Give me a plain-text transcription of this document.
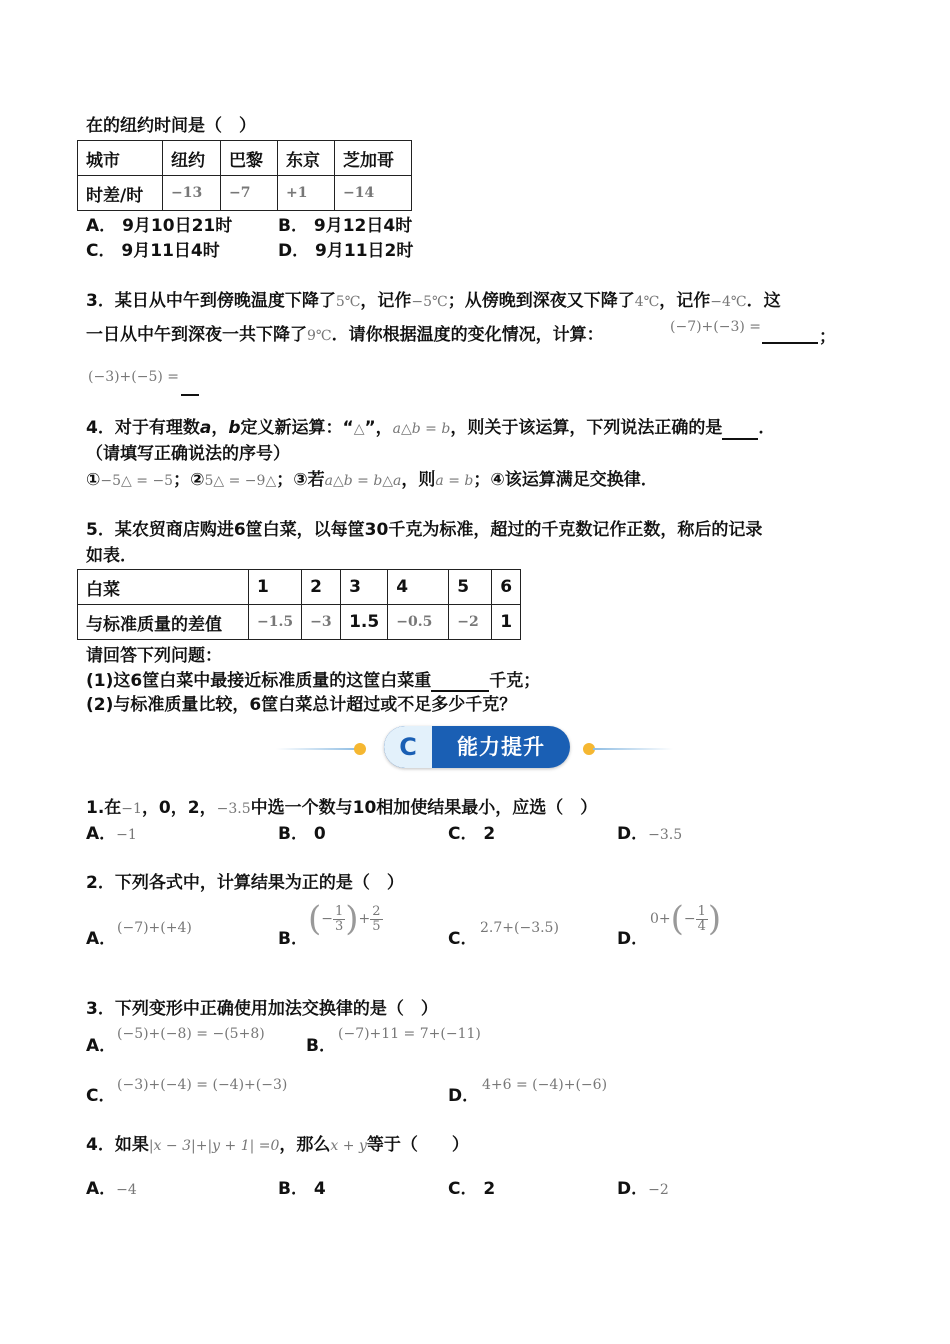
在的纽约时间是（　）
城市	纽约	巴黎	东京	芝加哥
时差/时	−13	−7	+1	−14
A． 9月10日21时	B． 9月12日4时
C． 9月11日4时	D． 9月11日2时
3．某日从中午到傍晚温度下降了5℃，记作−5℃；从傍晚到深夜又下降了4℃，记作−4℃．这
一日从中午到深夜一共下降了9℃．请你根据温度的变化情况，计算：	(−7)+(−3) =	；
(−3)+(−5) =
4．对于有理数a，b定义新运算：“△”，a△b = b，则关于该运算，下列说法正确的是 ．
（请填写正确说法的序号）
①−5△ = −5；②5△ = −9△；③若a△b = b△a，则a = b；④该运算满足交换律．
5．某农贸商店购进6筐白菜，以每筐30千克为标准，超过的千克数记作正数，称后的记录
如表．
白菜	1	2	3	4	5	6
与标准质量的差值	−1.5	−3	1.5	−0.5	−2	1
请回答下列问题：
(1)这6筐白菜中最接近标准质量的这筐白菜重	千克；
(2)与标准质量比较，6筐白菜总计超过或不足多少千克？
C	能力提升
1.在−1，0，2，−3.5中选一个数与10相加使结果最小，应选（　）
A．−1	B． 0	C． 2	D．−3.5
2．下列各式中，计算结果为正的是（　）
A．
(−7)+(+4)
B． ( − $\frac{1}{3}$ ) + $\frac{2}{5}$
C．
2.7+(−3.5)
D．
0+ ( − $\frac{1}{4}$ )
3．下列变形中正确使用加法交换律的是（　）
A．
(−5)+(−8) = −(5+8)
B．
(−7)+11 = 7+(−11)
C．
(−3)+(−4) = (−4)+(−3)
D．
4+6 = (−4)+(−6)
4．如果|x − 3|+|y + 1| =0，那么x + y等于（　　）
A．−4	B． 4	C． 2	D．−2
